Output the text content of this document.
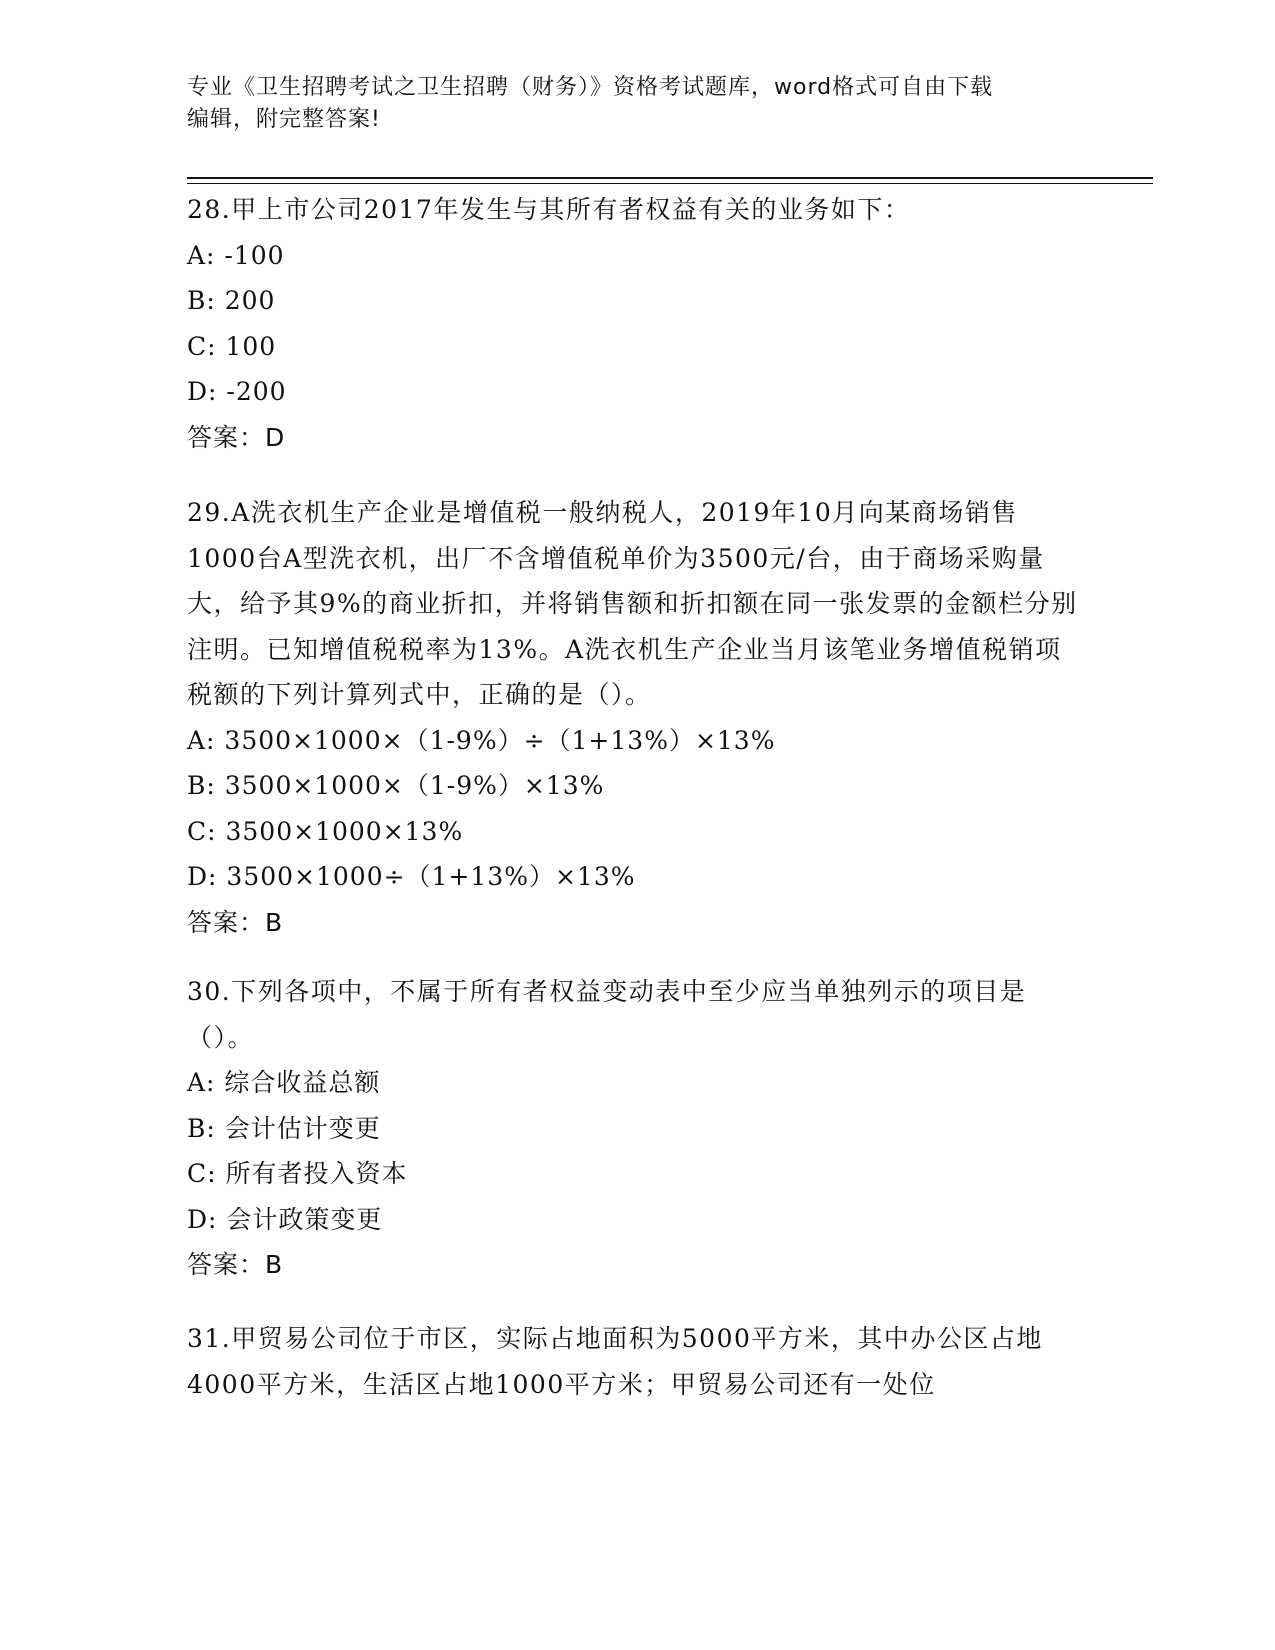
专业《卫生招聘考试之卫生招聘（财务）》资格考试题库，word格式可自由下载
编辑，附完整答案!

28.甲上市公司2017年发生与其所有者权益有关的业务如下：

A: -100

B: 200

C: 100

D: -200

答案：D

29.A洗衣机生产企业是增值税一般纳税人，2019年10月向某商场销售1000台A型洗衣机，出厂不含增值税单价为3500元/台，由于商场采购量大，给予其9%的商业折扣，并将销售额和折扣额在同一张发票的金额栏分别注明。已知增值税税率为13%。A洗衣机生产企业当月该笔业务增值税销项税额的下列计算列式中，正确的是（）。

A: 3500×1000×（1-9%）÷（1+13%）×13%

B: 3500×1000×（1-9%）×13%

C: 3500×1000×13%

D: 3500×1000÷（1+13%）×13%

答案：B

30.下列各项中，不属于所有者权益变动表中至少应当单独列示的项目是（）。

A: 综合收益总额

B: 会计估计变更

C: 所有者投入资本

D: 会计政策变更

答案：B

31.甲贸易公司位于市区，实际占地面积为5000平方米，其中办公区占地4000平方米，生活区占地1000平方米；甲贸易公司还有一处位
